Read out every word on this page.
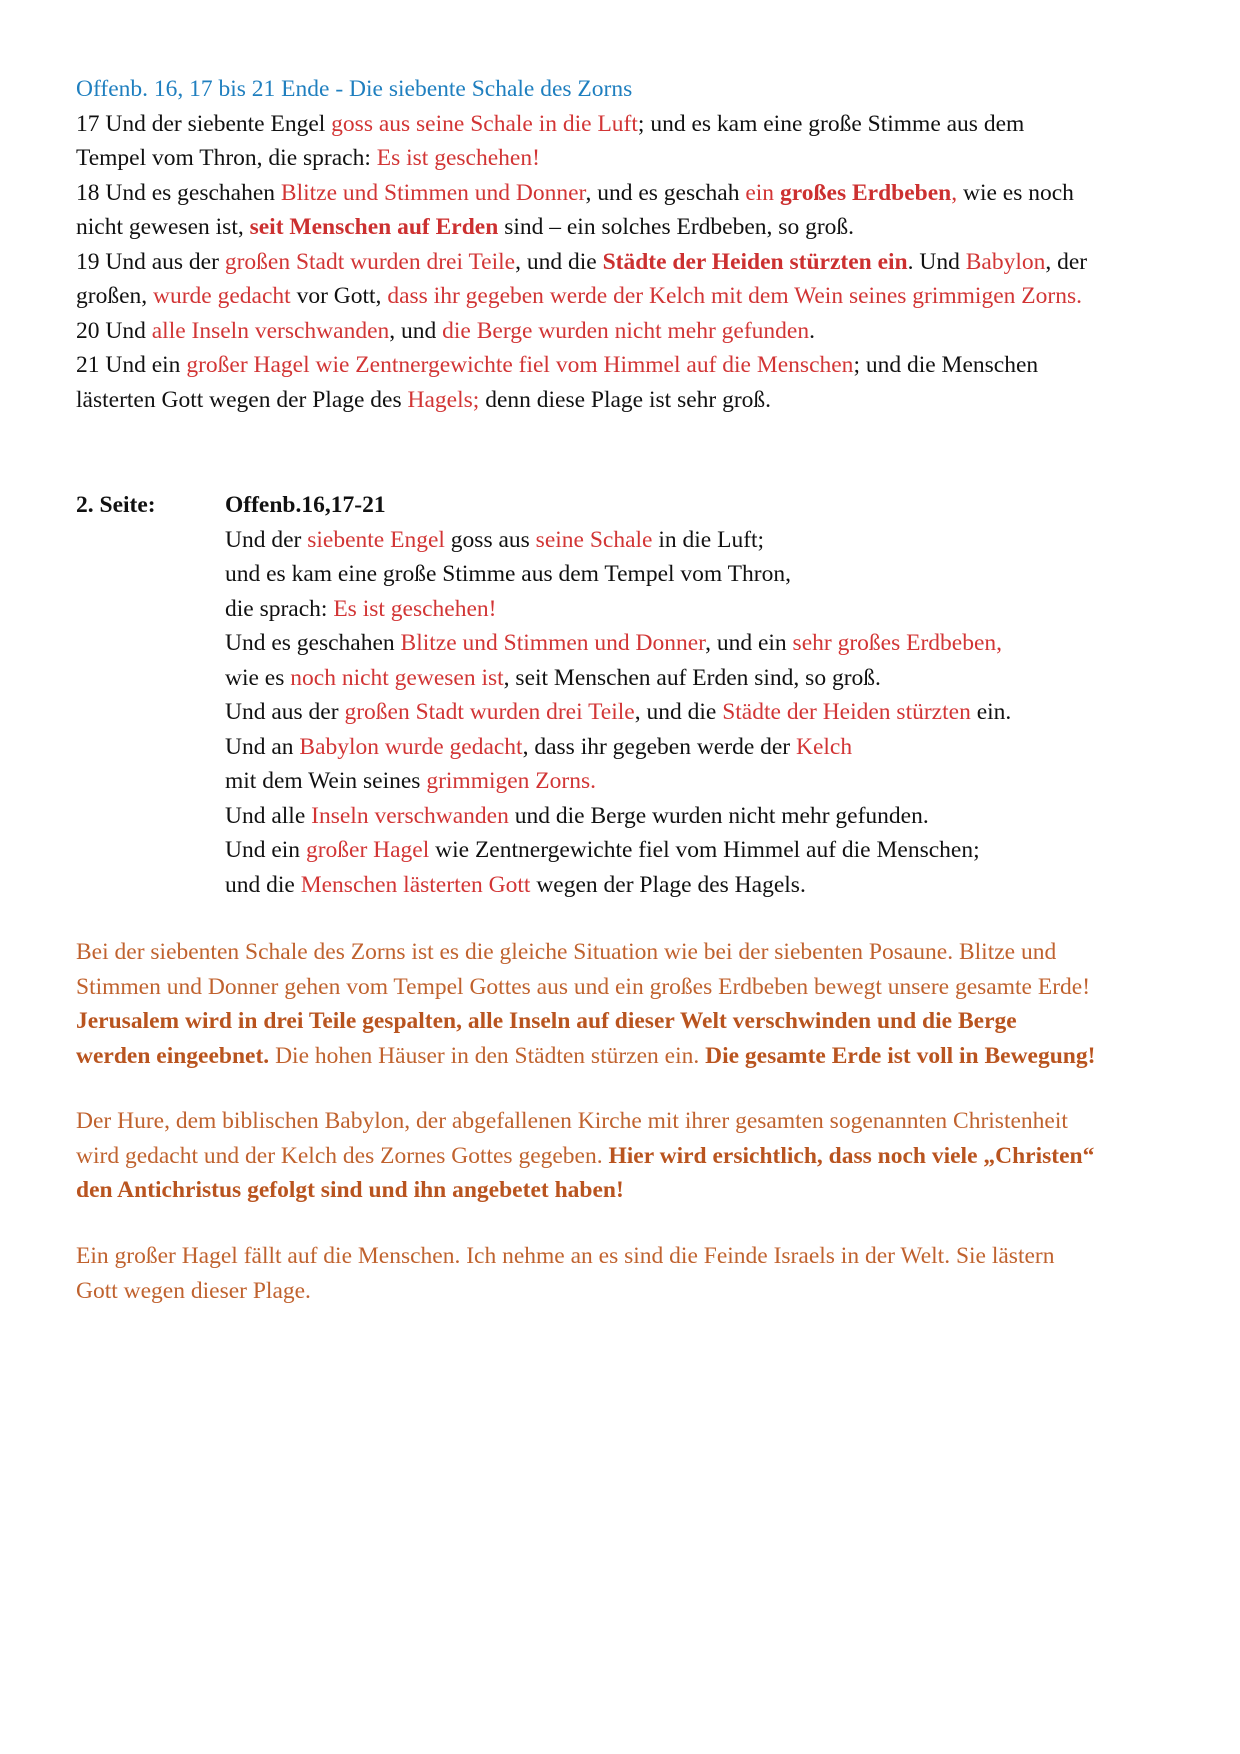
Offenb. 16, 17 bis 21 Ende - Die siebente Schale des Zorns
17 Und der siebente Engel goss aus seine Schale in die Luft; und es kam eine große Stimme aus dem
Tempel vom Thron, die sprach: Es ist geschehen!
18 Und es geschahen Blitze und Stimmen und Donner, und es geschah ein großes Erdbeben, wie es noch
nicht gewesen ist, seit Menschen auf Erden sind – ein solches Erdbeben, so groß.
19 Und aus der großen Stadt wurden drei Teile, und die Städte der Heiden stürzten ein. Und Babylon, der
großen, wurde gedacht vor Gott, dass ihr gegeben werde der Kelch mit dem Wein seines grimmigen Zorns.
20 Und alle Inseln verschwanden, und die Berge wurden nicht mehr gefunden.
21 Und ein großer Hagel wie Zentnergewichte fiel vom Himmel auf die Menschen; und die Menschen
lästerten Gott wegen der Plage des Hagels; denn diese Plage ist sehr groß.
2. Seite:	Offenb.16,17-21
Und der siebente Engel goss aus seine Schale in die Luft;
und es kam eine große Stimme aus dem Tempel vom Thron,
die sprach: Es ist geschehen!
Und es geschahen Blitze und Stimmen und Donner, und ein sehr großes Erdbeben,
wie es noch nicht gewesen ist, seit Menschen auf Erden sind, so groß.
Und aus der großen Stadt wurden drei Teile, und die Städte der Heiden stürzten ein.
Und an Babylon wurde gedacht, dass ihr gegeben werde der Kelch
mit dem Wein seines grimmigen Zorns.
Und alle Inseln verschwanden und die Berge wurden nicht mehr gefunden.
Und ein großer Hagel wie Zentnergewichte fiel vom Himmel auf die Menschen;
und die Menschen lästerten Gott wegen der Plage des Hagels.
Bei der siebenten Schale des Zorns ist es die gleiche Situation wie bei der siebenten Posaune. Blitze und
Stimmen und Donner gehen vom Tempel Gottes aus und ein großes Erdbeben bewegt unsere gesamte Erde!
Jerusalem wird in drei Teile gespalten, alle Inseln auf dieser Welt verschwinden und die Berge
werden eingeebnet. Die hohen Häuser in den Städten stürzen ein. Die gesamte Erde ist voll in Bewegung!
Der Hure, dem biblischen Babylon, der abgefallenen Kirche mit ihrer gesamten sogenannten Christenheit
wird gedacht und der Kelch des Zornes Gottes gegeben. Hier wird ersichtlich, dass noch viele „Christen“
den Antichristus gefolgt sind und ihn angebetet haben!
Ein großer Hagel fällt auf die Menschen. Ich nehme an es sind die Feinde Israels in der Welt. Sie lästern
Gott wegen dieser Plage.
